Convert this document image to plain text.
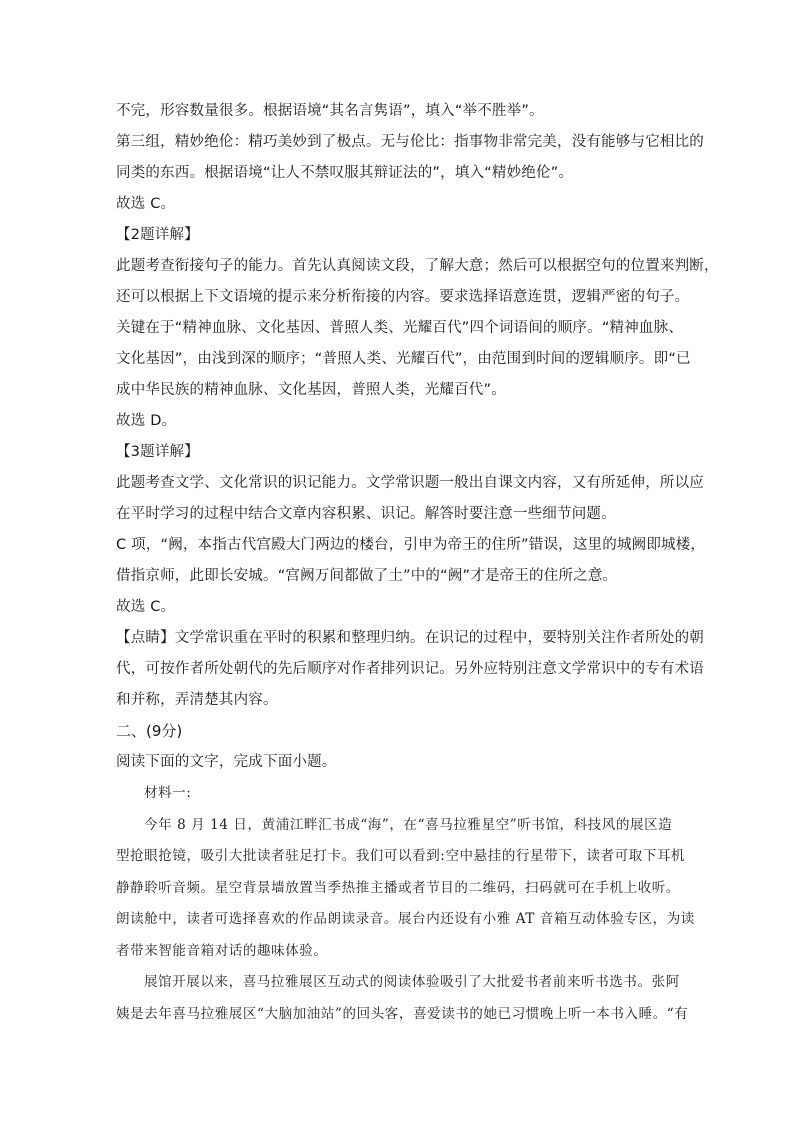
不完，形容数量很多。根据语境“其名言隽语”，填入“举不胜举”。
第三组，精妙绝伦：精巧美妙到了极点。无与伦比：指事物非常完美，没有能够与它相比的
同类的东西。根据语境“让人不禁叹服其辩证法的”，填入“精妙绝伦”。
故选 C。
【2题详解】
此题考查衔接句子的能力。首先认真阅读文段，了解大意；然后可以根据空句的位置来判断，
还可以根据上下文语境的提示来分析衔接的内容。要求选择语意连贯，逻辑严密的句子。
关键在于“精神血脉、文化基因、普照人类、光耀百代”四个词语间的顺序。“精神血脉、
文化基因”，由浅到深的顺序；“普照人类、光耀百代”，由范围到时间的逻辑顺序。即“已
成中华民族的精神血脉、文化基因，普照人类，光耀百代”。
故选 D。
【3题详解】
此题考查文学、文化常识的识记能力。文学常识题一般出自课文内容，又有所延伸，所以应
在平时学习的过程中结合文章内容积累、识记。解答时要注意一些细节问题。
C 项，“阙，本指古代宫殿大门两边的楼台，引申为帝王的住所”错误，这里的城阙即城楼，
借指京师，此即长安城。“宫阙万间都做了土”中的“阙”才是帝王的住所之意。
故选 C。
【点睛】文学常识重在平时的积累和整理归纳。在识记的过程中，要特别关注作者所处的朝
代，可按作者所处朝代的先后顺序对作者排列识记。另外应特别注意文学常识中的专有术语
和并称，弄清楚其内容。
二、(9分)
阅读下面的文字，完成下面小题。
材料一:
今年 8 月 14 日，黄浦江畔汇书成“海”，在“喜马拉雅星空”听书馆，科技风的展区造
型抢眼抢镜，吸引大批读者驻足打卡。我们可以看到:空中悬挂的行星带下，读者可取下耳机
静静聆听音频。星空背景墙放置当季热推主播或者节目的二维码，扫码就可在手机上收听。
朗读舱中，读者可选择喜欢的作品朗读录音。展台内还设有小雅 AT 音箱互动体验专区，为读
者带来智能音箱对话的趣味体验。
展馆开展以来，喜马拉雅展区互动式的阅读体验吸引了大批爱书者前来听书选书。张阿
姨是去年喜马拉雅展区“大脑加油站”的回头客，喜爱读书的她已习惯晚上听一本书入睡。“有
